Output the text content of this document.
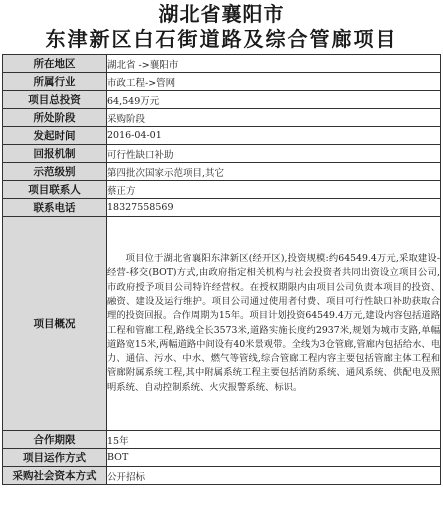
湖北省襄阳市
东津新区白石街道路及综合管廊项目
所在地区	湖北省 ->襄阳市
所属行业	市政工程->管网
项目总投资	64,549万元
所处阶段	采购阶段
发起时间	2016-04-01
回报机制	可行性缺口补助
示范级别	第四批次国家示范项目,其它
项目联系人	蔡正方
联系电话	18327558569
项目概况	项目位于湖北省襄阳东津新区(经开区),投资规模:约64549.4万元,采取建设-经营-移交(BOT)方式,由政府指定相关机构与社会投资者共同出资设立项目公司,市政府授予项目公司特许经营权。在授权期限内由项目公司负责本项目的投资、融资、建设及运行维护。项目公司通过使用者付费、项目可行性缺口补助获取合理的投资回报。合作周期为15年。项目计划投资64549.4万元,建设内容包括道路工程和管廊工程,路线全长3573米,道路实施长度约2937米,规划为城市支路,单幅道路宽15米,两幅道路中间设有40米景观带。全线为3仓管廊,管廊内包括给水、电力、通信、污水、中水、燃气等管线,综合管廊工程内容主要包括管廊主体工程和管廊附属系统工程,其中附属系统工程主要包括消防系统、通风系统、供配电及照明系统、自动控制系统、火灾报警系统、标识。
合作期限	15年
项目运作方式	BOT
采购社会资本方式	公开招标
